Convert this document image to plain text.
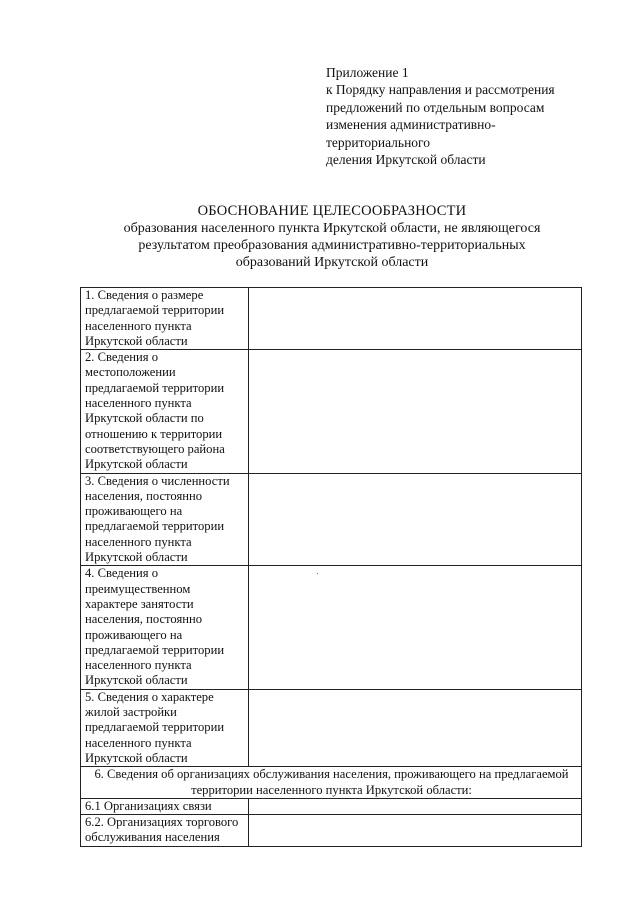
Приложение 1
к Порядку направления и рассмотрения
предложений по отдельным вопросам
изменения административно-
территориального
деления Иркутской области
ОБОСНОВАНИЕ ЦЕЛЕСООБРАЗНОСТИ
образования населенного пункта Иркутской области, не являющегося
результатом преобразования административно-территориальных
образований Иркутской области
1. Сведения о размере предлагаемой территории населенного пункта Иркутской области	
2. Сведения о местоположении предлагаемой территории населенного пункта Иркутской области по отношению к территории соответствующего района Иркутской области	
3. Сведения о численности населения, постоянно проживающего на предлагаемой территории населенного пункта Иркутской области	
4. Сведения о преимущественном характере занятости населения, постоянно проживающего на предлагаемой территории населенного пункта Иркутской области	
5. Сведения о характере жилой застройки предлагаемой территории населенного пункта Иркутской области	
6. Сведения об организациях обслуживания населения, проживающего на предлагаемой территории населенного пункта Иркутской области:	
6.1 Организациях связи	
6.2. Организациях торгового обслуживания населения	
